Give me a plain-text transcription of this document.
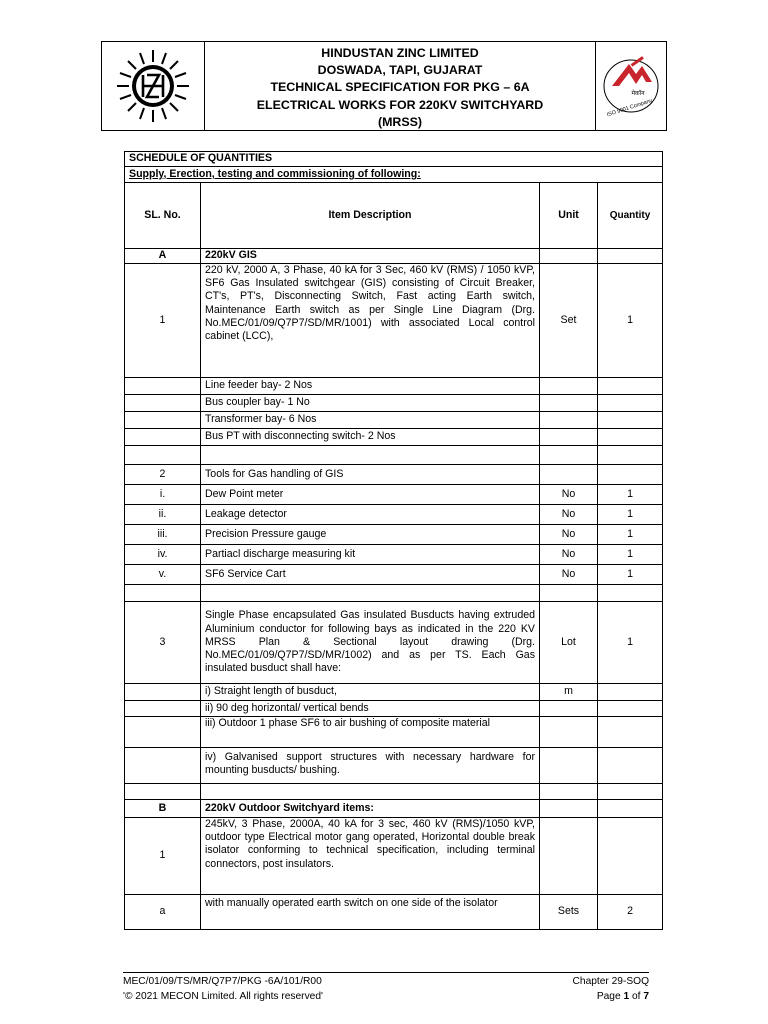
HINDUSTAN ZINC LIMITED
DOSWADA, TAPI, GUJARAT
TECHNICAL SPECIFICATION FOR PKG – 6A
ELECTRICAL WORKS FOR 220KV SWITCHYARD
(MRSS)
मेकॉन
ISO 9001 Company
SCHEDULE OF QUANTITIES			
Supply, Erection, testing and commissioning of following:			
SL. No.	Item Description	Unit	Quantity
A	220kV GIS		
1	220 kV, 2000 A, 3 Phase, 40 kA for 3 Sec, 460 kV (RMS) / 1050 kVP, SF6 Gas Insulated switchgear (GIS) consisting of Circuit Breaker, CT's, PT's, Disconnecting Switch, Fast acting Earth switch, Maintenance Earth switch as per Single Line Diagram (Drg. No.MEC/01/09/Q7P7/SD/MR/1001) with associated Local control cabinet (LCC),	Set	1
	Line feeder bay- 2 Nos		
	Bus coupler bay- 1 No		
	Transformer bay- 6 Nos		
	Bus PT with disconnecting switch- 2 Nos		

2	Tools for Gas handling of GIS		
i.	Dew Point meter	No	1
ii.	Leakage detector	No	1
iii.	Precision Pressure gauge	No	1
iv.	Partiacl discharge measuring kit	No	1
v.	SF6 Service Cart	No	1

3	Single Phase encapsulated Gas insulated Busducts having extruded Aluminium conductor for following bays as indicated in the 220 KV MRSS Plan & Sectional layout drawing (Drg. No.MEC/01/09/Q7P7/SD/MR/1002) and as per TS. Each Gas insulated busduct shall have:	Lot	1
	i) Straight length of busduct,	m	
	ii) 90 deg horizontal/ vertical bends		
	iii) Outdoor 1 phase SF6 to air bushing of composite material		
	iv) Galvanised support structures with necessary hardware for mounting busducts/ bushing.		

B	220kV Outdoor Switchyard items:		
1	245kV, 3 Phase, 2000A, 40 kA for 3 sec, 460 kV (RMS)/1050 kVP, outdoor type Electrical motor gang operated, Horizontal double break isolator conforming to technical specification, including terminal connectors, post insulators.		
a	with manually operated earth switch on one side of the isolator	Sets	2
MEC/01/09/TS/MR/Q7P7/PKG -6A/101/R00	Chapter 29-SOQ
'© 2021 MECON Limited. All rights reserved'	Page 1 of 7
